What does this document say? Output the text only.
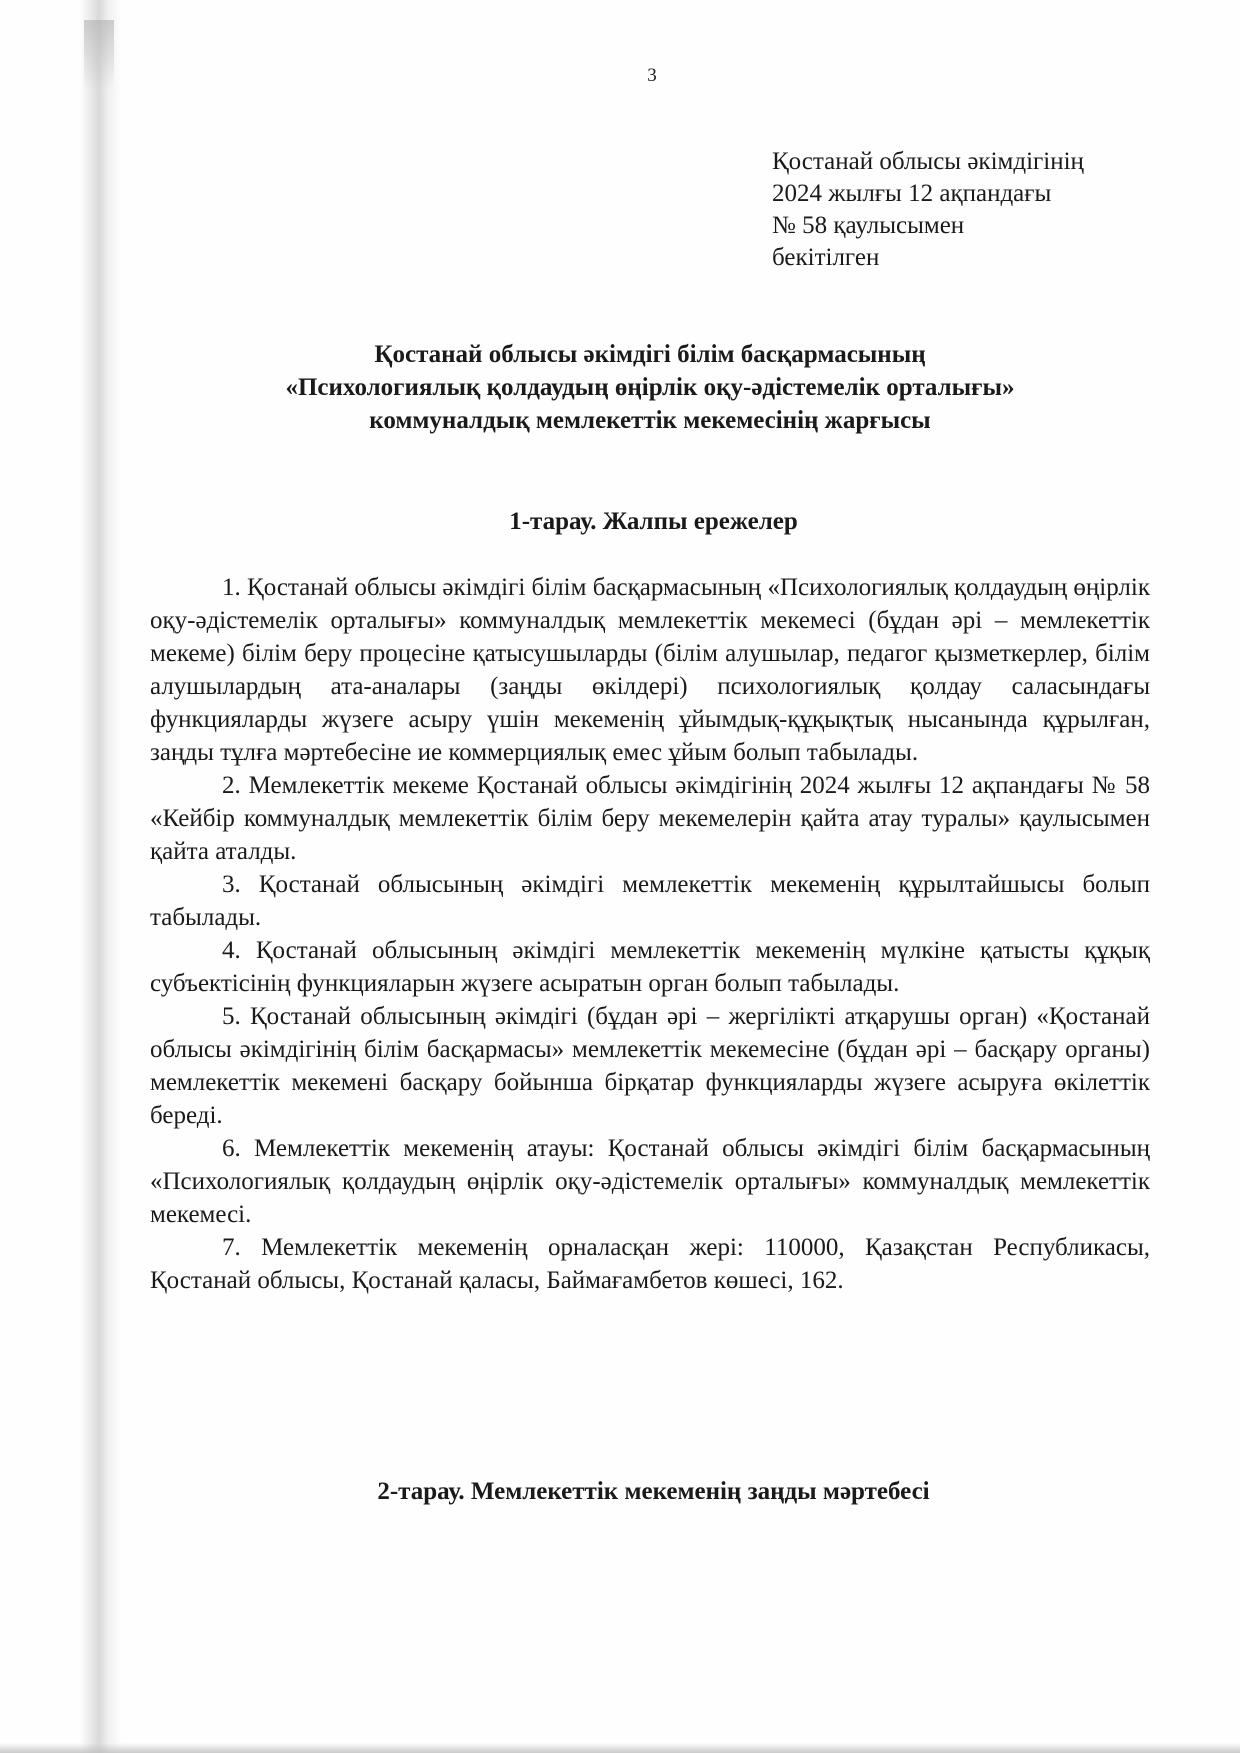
3
Қостанай облысы әкімдігінің
2024 жылғы 12 ақпандағы
№ 58 қаулысымен
бекітілген
Қостанай облысы әкімдігі білім басқармасының
«Психологиялық қолдаудың өңірлік оқу-әдістемелік орталығы»
коммуналдық мемлекеттік мекемесінің жарғысы
1-тарау. Жалпы ережелер

1. Қостанай облысы әкімдігі білім басқармасының «Психологиялық қолдаудың өңірлік оқу-әдістемелік орталығы» коммуналдық мемлекеттік мекемесі (бұдан әрі – мемлекеттік мекеме) білім беру процесіне қатысушыларды (білім алушылар, педагог қызметкерлер, білім алушылардың ата-аналары (заңды өкілдері) психологиялық қолдау саласындағы функцияларды жүзеге асыру үшін мекеменің ұйымдық-құқықтық нысанында құрылған, заңды тұлға мәртебесіне ие коммерциялық емес ұйым болып табылады.

2. Мемлекеттік мекеме Қостанай облысы әкімдігінің 2024 жылғы 12 ақпандағы № 58 «Кейбір коммуналдық мемлекеттік білім беру мекемелерін қайта атау туралы» қаулысымен қайта аталды.

3. Қостанай облысының әкімдігі мемлекеттік мекеменің құрылтайшысы болып табылады.

4. Қостанай облысының әкімдігі мемлекеттік мекеменің мүлкіне қатысты құқық субъектісінің функцияларын жүзеге асыратын орган болып табылады.

5. Қостанай облысының әкімдігі (бұдан әрі – жергілікті атқарушы орган) «Қостанай облысы әкімдігінің білім басқармасы» мемлекеттік мекемесіне (бұдан әрі – басқару органы) мемлекеттік мекемені басқару бойынша бірқатар функцияларды жүзеге асыруға өкілеттік береді.

6. Мемлекеттік мекеменің атауы: Қостанай облысы әкімдігі білім басқармасының «Психологиялық қолдаудың өңірлік оқу-әдістемелік орталығы» коммуналдық мемлекеттік мекемесі.

7. Мемлекеттік мекеменің орналасқан жері: 110000, Қазақстан Республикасы, Қостанай облысы, Қостанай қаласы, Баймағамбетов көшесі, 162.

2-тарау. Мемлекеттік мекеменің заңды мәртебесі
